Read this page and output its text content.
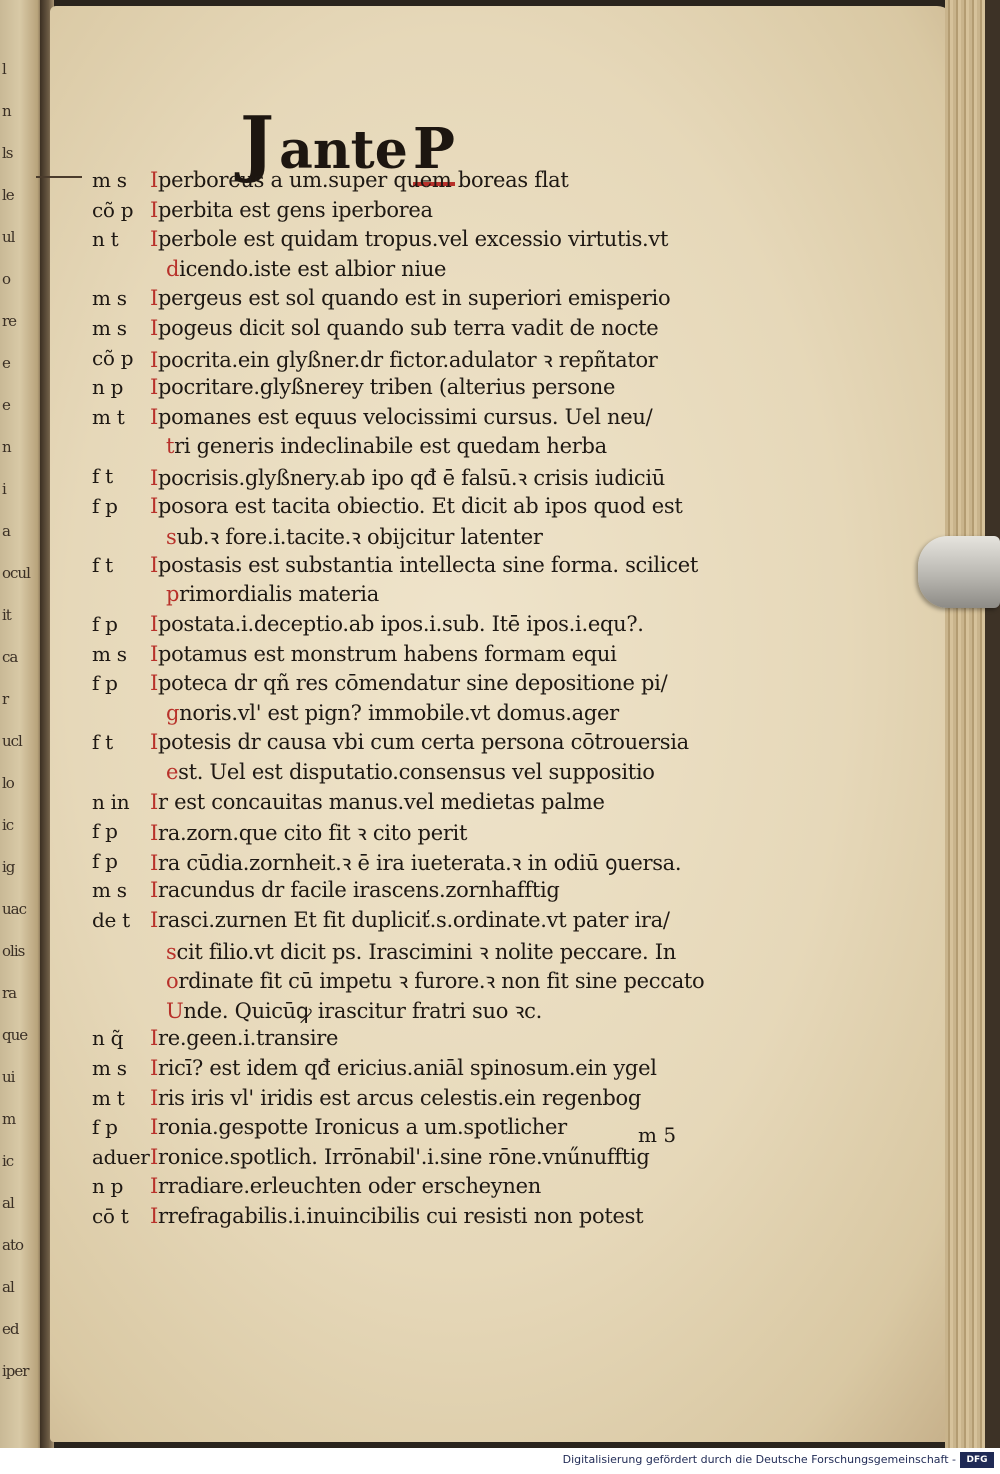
l
n
ls
le
ul
o
re
e
e
n
i
a
ocul
it
ca
r
ucl
lo
ic
ig
uac
olis
ra
que
ui
m
ic
al
ato
al
ed
iper
J ante P
m s Iperboreus a um.super quem boreas flat
cõ p Iperbita est gens iperborea
n t Iperbole est quidam tropus.vel excessio virtutis.vt
dicendo.iste est albior niue
m s Ipergeus est sol quando est in superiori emisperio
m s Ipogeus dicit sol quando sub terra vadit de nocte
cõ p Ipocrita.ein glyßner.dr fictor.adulator ꝛ repñtator
n p Ipocritare.glyßnerey triben (alterius persone
m t Ipomanes est equus velocissimi cursus. Uel neu/
tri generis indeclinabile est quedam herba
f t Ipocrisis.glyßnery.ab ipo qđ ē falsū.ꝛ crisis iudiciū
f p Iposora est tacita obiectio. Et dicit ab ipos quod est
sub.ꝛ fore.i.tacite.ꝛ obijcitur latenter
f t Ipostasis est substantia intellecta sine forma. scilicet
primordialis materia
f p Ipostata.i.deceptio.ab ipos.i.sub. Itē ipos.i.equ?.
m s Ipotamus est monstrum habens formam equi
f p Ipoteca dr qñ res cōmendatur sine depositione pi/
gnoris.vl' est pign? immobile.vt domus.ager
f t Ipotesis dr causa vbi cum certa persona cōtrouersia
est. Uel est disputatio.consensus vel suppositio
n in Ir est concauitas manus.vel medietas palme
f p Ira.zorn.que cito fit ꝛ cito perit
f p Ira cūdia.zornheit.ꝛ ē ira iueterata.ꝛ in odiū ꝯuersa.
m s Iracundus dr facile irascens.zornhafftig
de t Irasci.zurnen Et fit dupliciť.s.ordinate.vt pater ira/
scit filio.vt dicit ps. Irascimini ꝛ nolite peccare. In
ordinate fit cū impetu ꝛ furore.ꝛ non fit sine peccato
Unde. Quicūꝙ irascitur fratri suo ꝛc.
n q̃ Ire.geen.i.transire
m s Iricī? est idem qđ ericius.aniāl spinosum.ein ygel
m t Iris iris vl' iridis est arcus celestis.ein regenbog
f p Ironia.gespotte Ironicus a um.spotlicher
aduer Ironice.spotlich. Irrōnabil'.i.sine rōne.vnűnufftig
n p Irradiare.erleuchten oder erscheynen
cō t Irrefragabilis.i.inuincibilis cui resisti non potest
m 5
Digitalisierung gefördert durch die Deutsche Forschungsgemeinschaft -	DFG
